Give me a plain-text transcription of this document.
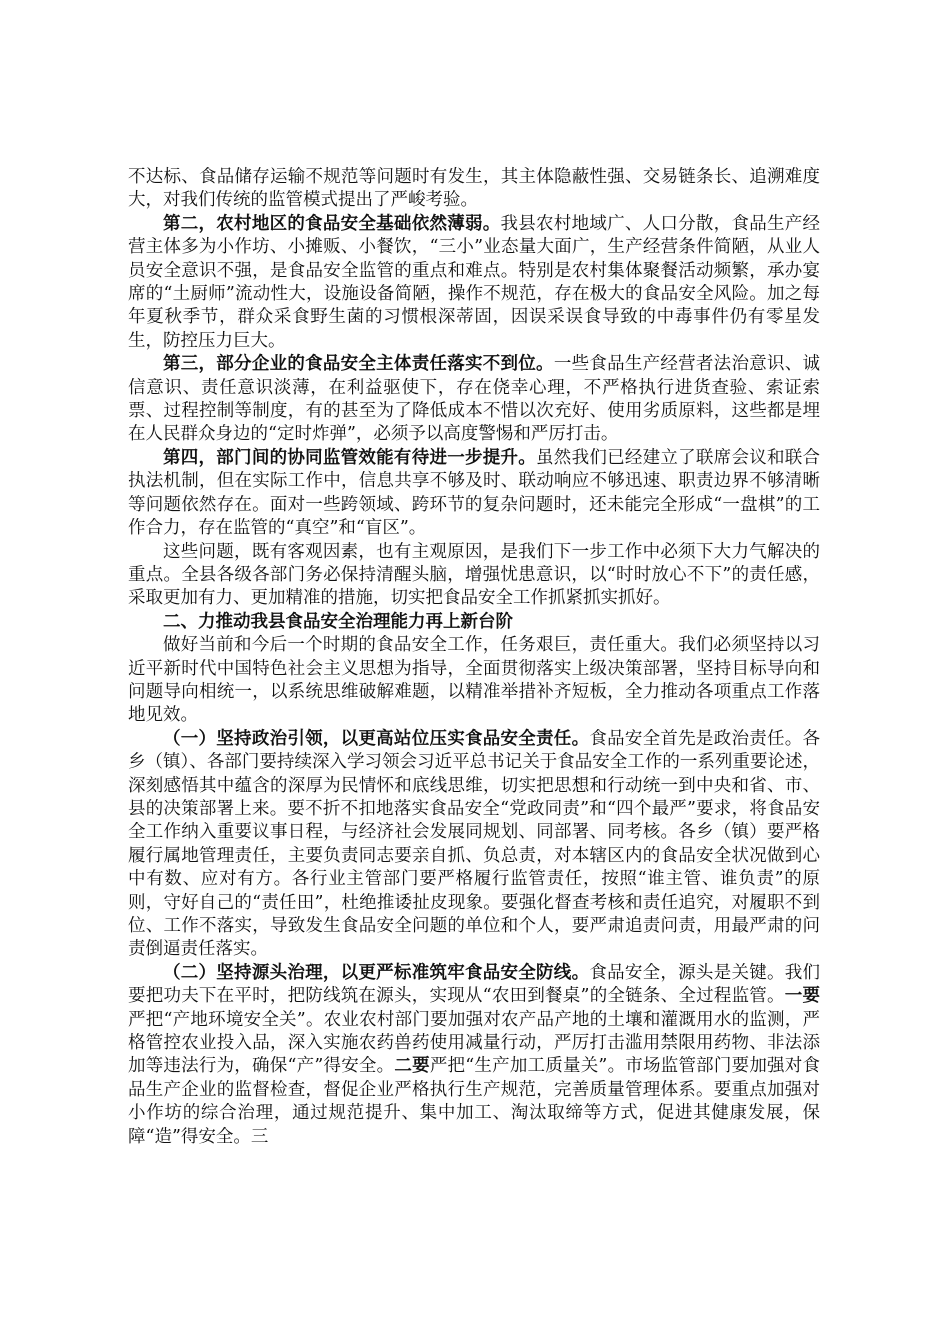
不达标、食品储存运输不规范等问题时有发生，其主体隐蔽性强、交易链条长、追溯难度大，对我们传统的监管模式提出了严峻考验。

第二，农村地区的食品安全基础依然薄弱。我县农村地域广、人口分散，食品生产经营主体多为小作坊、小摊贩、小餐饮，“三小”业态量大面广，生产经营条件简陋，从业人员安全意识不强，是食品安全监管的重点和难点。特别是农村集体聚餐活动频繁，承办宴席的“土厨师”流动性大，设施设备简陋，操作不规范，存在极大的食品安全风险。加之每年夏秋季节，群众采食野生菌的习惯根深蒂固，因误采误食导致的中毒事件仍有零星发生，防控压力巨大。

第三，部分企业的食品安全主体责任落实不到位。一些食品生产经营者法治意识、诚信意识、责任意识淡薄，在利益驱使下，存在侥幸心理，不严格执行进货查验、索证索票、过程控制等制度，有的甚至为了降低成本不惜以次充好、使用劣质原料，这些都是埋在人民群众身边的“定时炸弹”，必须予以高度警惕和严厉打击。

第四，部门间的协同监管效能有待进一步提升。虽然我们已经建立了联席会议和联合执法机制，但在实际工作中，信息共享不够及时、联动响应不够迅速、职责边界不够清晰等问题依然存在。面对一些跨领域、跨环节的复杂问题时，还未能完全形成“一盘棋”的工作合力，存在监管的“真空”和“盲区”。

这些问题，既有客观因素，也有主观原因，是我们下一步工作中必须下大力气解决的重点。全县各级各部门务必保持清醒头脑，增强忧患意识，以“时时放心不下”的责任感，采取更加有力、更加精准的措施，切实把食品安全工作抓紧抓实抓好。

二、力推动我县食品安全治理能力再上新台阶

做好当前和今后一个时期的食品安全工作，任务艰巨，责任重大。我们必须坚持以习近平新时代中国特色社会主义思想为指导，全面贯彻落实上级决策部署，坚持目标导向和问题导向相统一，以系统思维破解难题，以精准举措补齐短板，全力推动各项重点工作落地见效。

（一）坚持政治引领，以更高站位压实食品安全责任。食品安全首先是政治责任。各乡（镇）、各部门要持续深入学习领会习近平总书记关于食品安全工作的一系列重要论述，深刻感悟其中蕴含的深厚为民情怀和底线思维，切实把思想和行动统一到中央和省、市、县的决策部署上来。要不折不扣地落实食品安全“党政同责”和“四个最严”要求，将食品安全工作纳入重要议事日程，与经济社会发展同规划、同部署、同考核。各乡（镇）要严格履行属地管理责任，主要负责同志要亲自抓、负总责，对本辖区内的食品安全状况做到心中有数、应对有方。各行业主管部门要严格履行监管责任，按照“谁主管、谁负责”的原则，守好自己的“责任田”，杜绝推诿扯皮现象。要强化督查考核和责任追究，对履职不到位、工作不落实，导致发生食品安全问题的单位和个人，要严肃追责问责，用最严肃的问责倒逼责任落实。

（二）坚持源头治理，以更严标准筑牢食品安全防线。食品安全，源头是关键。我们要把功夫下在平时，把防线筑在源头，实现从“农田到餐桌”的全链条、全过程监管。一要严把“产地环境安全关”。农业农村部门要加强对农产品产地的土壤和灌溉用水的监测，严格管控农业投入品，深入实施农药兽药使用减量行动，严厉打击滥用禁限用药物、非法添加等违法行为，确保“产”得安全。二要严把“生产加工质量关”。市场监管部门要加强对食品生产企业的监督检查，督促企业严格执行生产规范，完善质量管理体系。要重点加强对小作坊的综合治理，通过规范提升、集中加工、淘汰取缔等方式，促进其健康发展，保障“造”得安全。三
